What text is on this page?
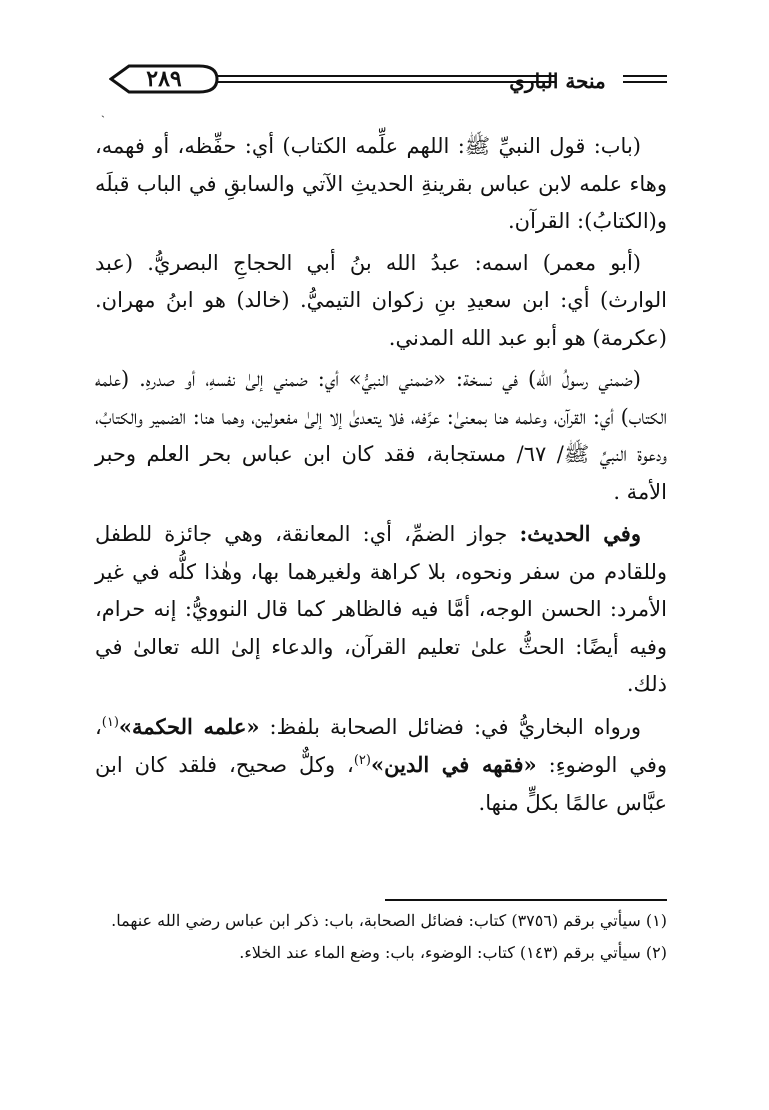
٢٨٩	منحة الباري
ˏ

(باب: قول النبيِّ ﷺ: اللهم علِّمه الكتاب) أي: حفِّظه، أو فهمه، وهاء علمه لابن عباس بقرينةِ الحديثِ الآتي والسابقِ في الباب قبلَه و(الكتابُ): القرآن.

(أبو معمر) اسمه: عبدُ الله بنُ أبي الحجاجِ البصريُّ. (عبد الوارث) أي: ابن سعيدِ بنِ زكوان التيميُّ. (خالد) هو ابنُ مهران. (عكرمة) هو أبو عبد الله المدني.

(ضمني رسولُ الله) في نسخة: «ضمني النبيُّ» أي: ضمني إلىٰ نفسهِ، أو صدرهِ. (علمه الكتاب) أي: القرآن، وعلمه هنا بمعنىٰ: عرَّفه، فلا يتعدىٰ إلا إلىٰ مفعولين، وهما هنا: الضمير والكتابُ، ودعوة النبيِّ ﷺ/ ٦٧/ مستجابة، فقد كان ابن عباس بحر العلم وحبر الأمة .

وفي الحديث: جواز الضمِّ، أي: المعانقة، وهي جائزة للطفل وللقادم من سفر ونحوه، بلا كراهة ولغيرهما بها، وهٰذا كلُّه في غير الأمرد: الحسن الوجه، أمَّا فيه فالظاهر كما قال النوويُّ: إنه حرام، وفيه أيضًا: الحثُّ علىٰ تعليم القرآن، والدعاء إلىٰ الله تعالىٰ في ذلك.

ورواه البخاريُّ في: فضائل الصحابة بلفظ: «علمه الحكمة»$^{(١)}$، وفي الوضوءِ: «فقهه في الدين»$^{(٢)}$، وكلٌّ صحيح، فلقد كان ابن عبَّاس عالمًا بكلٍّ منها.

(١) سيأتي برقم (٣٧٥٦) كتاب: فضائل الصحابة، باب: ذكر ابن عباس رضي الله عنهما.

(٢) سيأتي برقم (١٤٣) كتاب: الوضوء، باب: وضع الماء عند الخلاء.
